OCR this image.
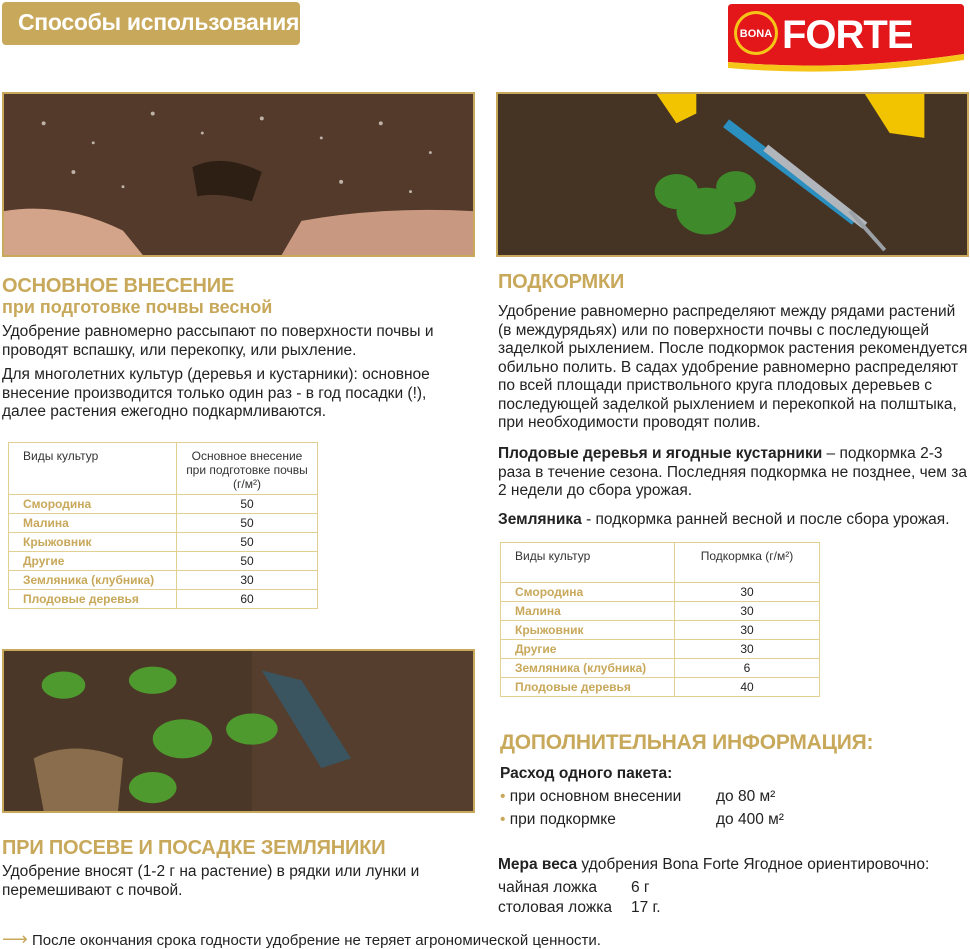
Способы использования	BONA FORTE
ОСНОВНОЕ ВНЕСЕНИЕ
при подготовке почвы весной
Удобрение равномерно рассыпают по поверхности почвы и проводят вспашку, или перекопку, или рыхление.
Для многолетних культур (деревья и кустарники): основное внесение производится только один раз - в год посадки (!), далее растения ежегодно подкармливаются.
Виды культур	Основное внесение при подготовке почвы (г/м²)
Смородина	50
Малина	50
Крыжовник	50
Другие	50
Земляника (клубника)	30
Плодовые деревья	60
ПРИ ПОСЕВЕ И ПОСАДКЕ ЗЕМЛЯНИКИ
Удобрение вносят (1-2 г на растение) в рядки или лунки и перемешивают с почвой.
ПОДКОРМКИ
Удобрение равномерно распределяют между рядами растений (в междурядьях) или по поверхности почвы с последующей заделкой рыхлением. После подкормок растения рекомендуется обильно полить. В садах удобрение равномерно распределяют по всей площади приствольного круга плодовых деревьев с последующей заделкой рыхлением и перекопкой на полштыка, при необходимости проводят полив.
Плодовые деревья и ягодные кустарники – подкормка 2-3 раза в течение сезона. Последняя подкормка не позднее, чем за 2 недели до сбора урожая.
Земляника - подкормка ранней весной и после сбора урожая.
Виды культур	Подкормка (г/м²)
Смородина	30
Малина	30
Крыжовник	30
Другие	30
Земляника (клубника)	6
Плодовые деревья	40
ДОПОЛНИТЕЛЬНАЯ ИНФОРМАЦИЯ:
Расход одного пакета:
• при основном внесении до 80 м²
• при подкормке	до 400 м²
Мера веса удобрения Bona Forte Ягодное ориентировочно:
чайная ложка 6 г
столовая ложка 17 г.
⟶ После окончания срока годности удобрение не теряет агрономической ценности.
